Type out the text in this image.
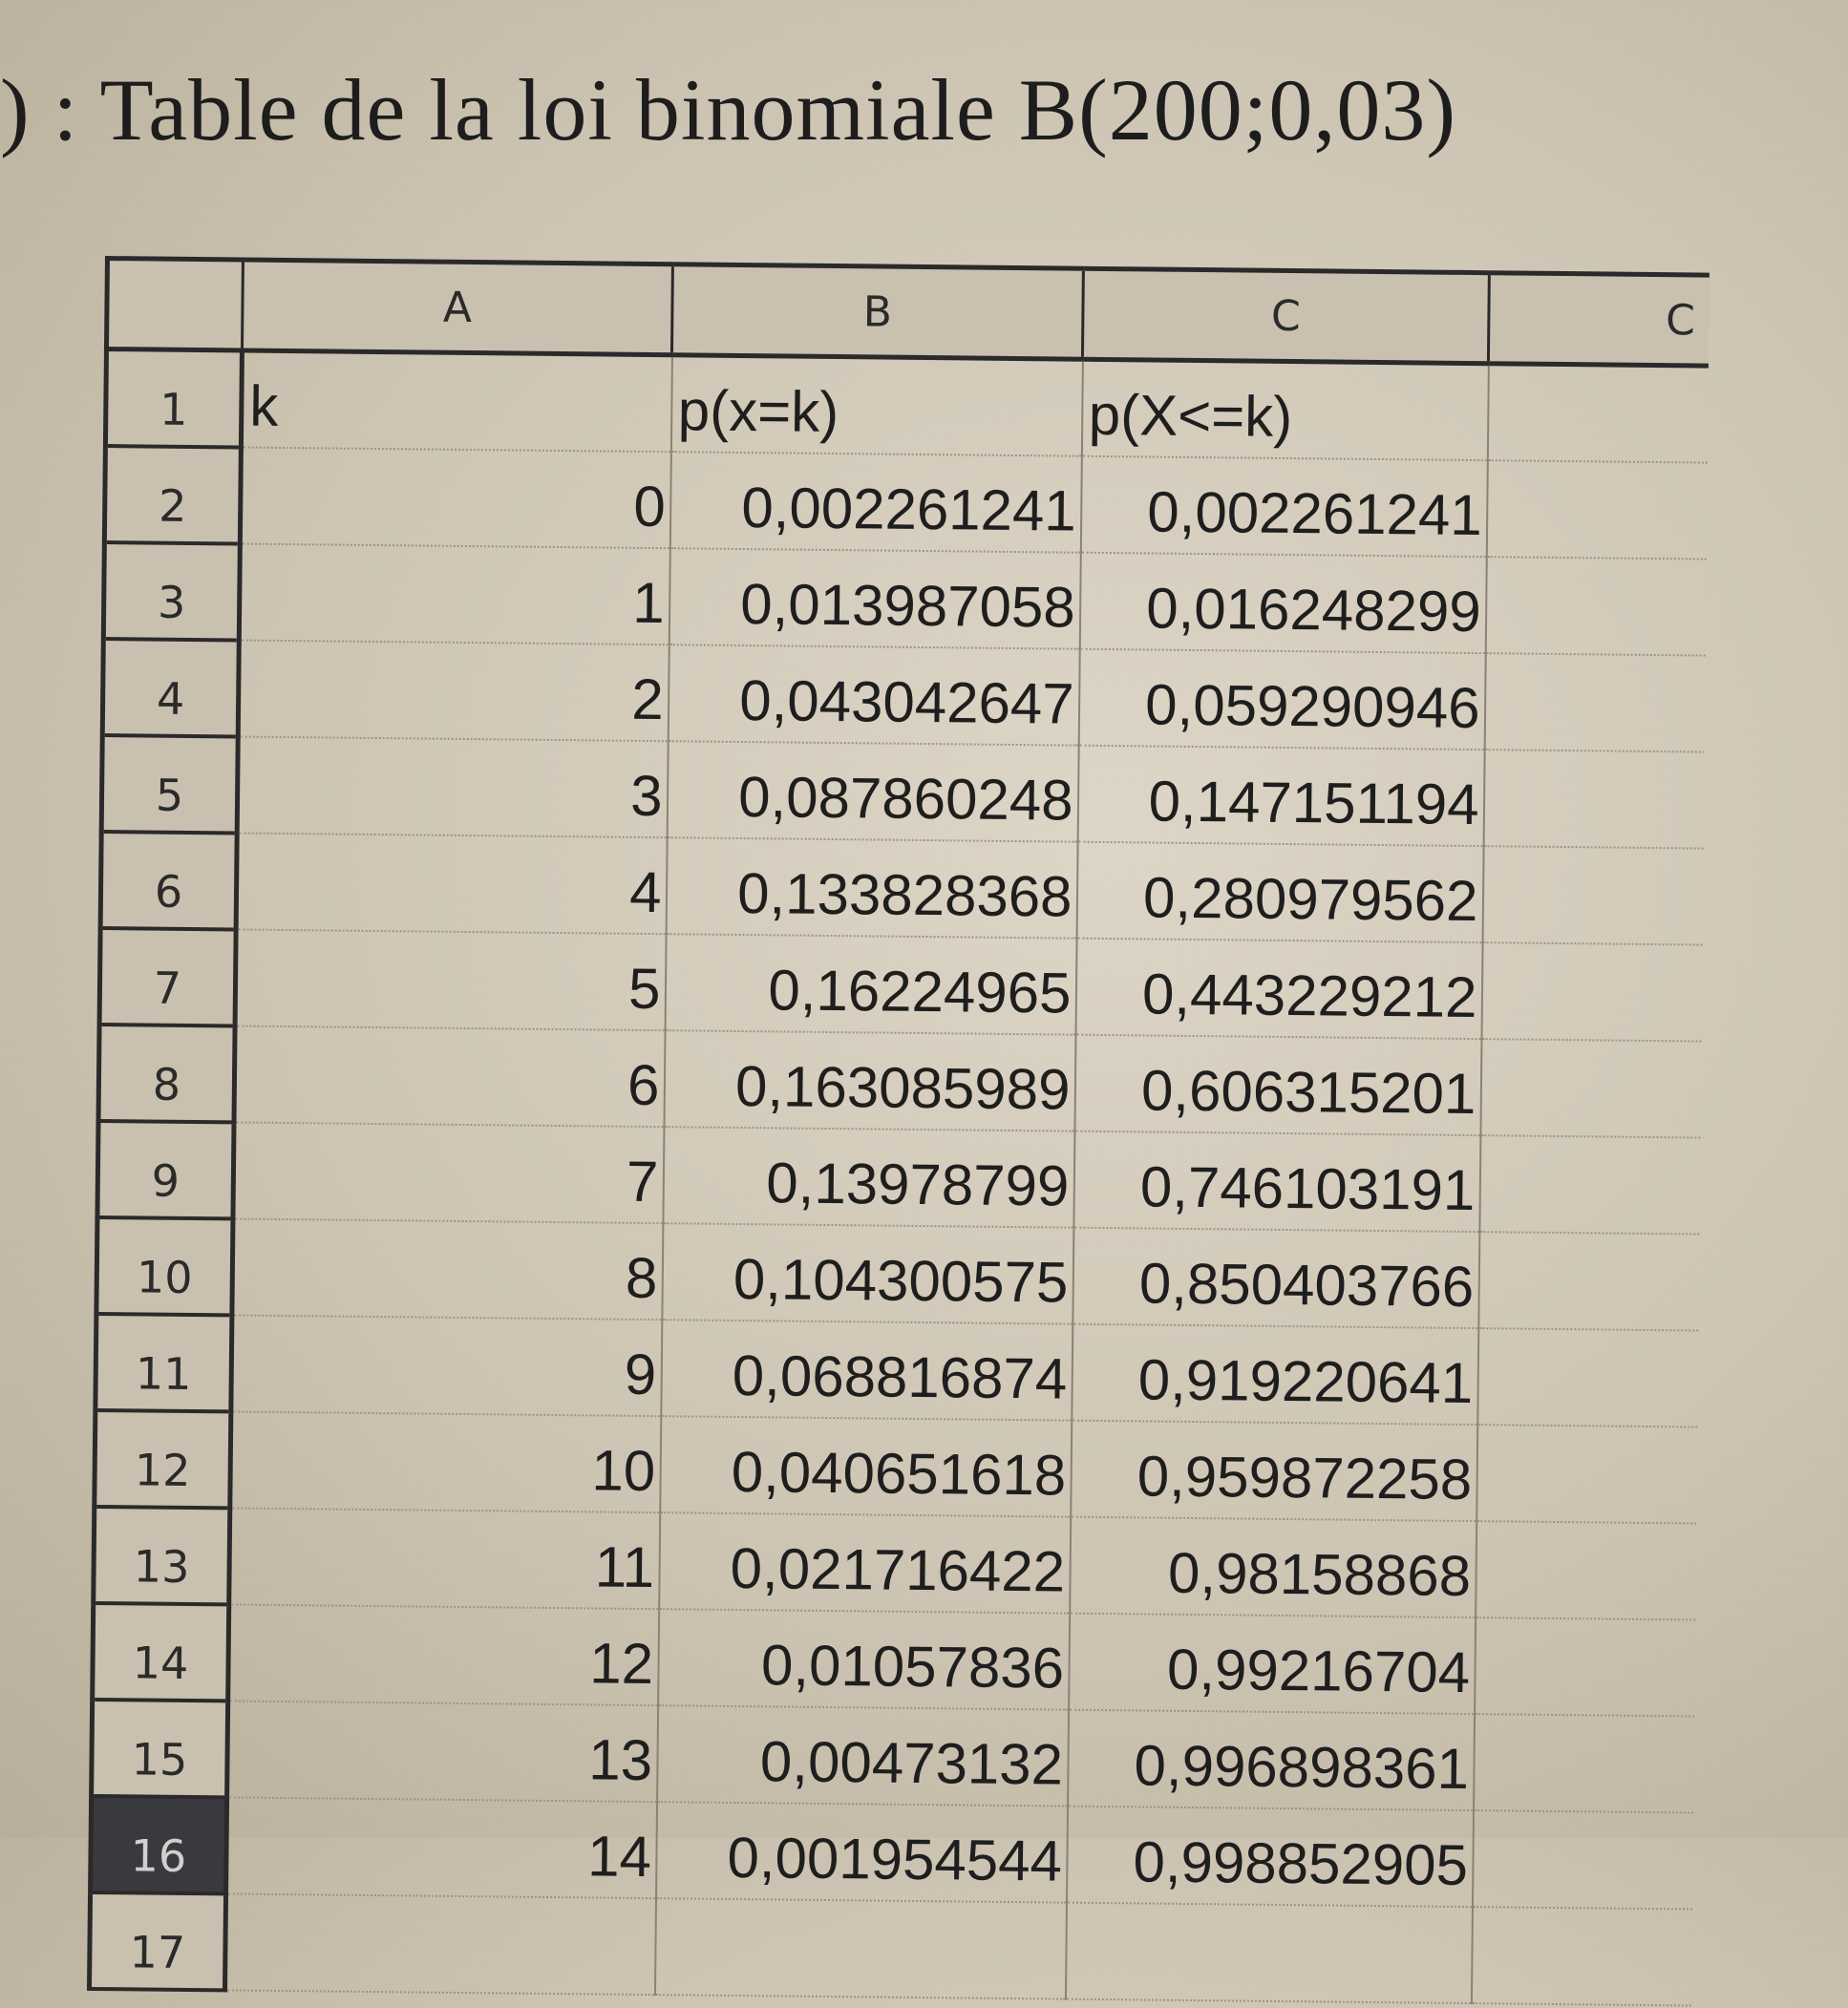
) : Table de la loi binomiale B(200;0,03)
	A	B	C	C
1	k	p(x=k)	p(X<=k)	
2	0	0,002261241	0,002261241	
3	1	0,013987058	0,016248299	
4	2	0,043042647	0,059290946	
5	3	0,087860248	0,147151194	
6	4	0,133828368	0,280979562	
7	5	0,16224965	0,443229212	
8	6	0,163085989	0,606315201	
9	7	0,13978799	0,746103191	
10	8	0,104300575	0,850403766	
11	9	0,068816874	0,919220641	
12	10	0,040651618	0,959872258	
13	11	0,021716422	0,98158868	
14	12	0,01057836	0,99216704	
15	13	0,00473132	0,996898361	
16	14	0,001954544	0,998852905	
17				
